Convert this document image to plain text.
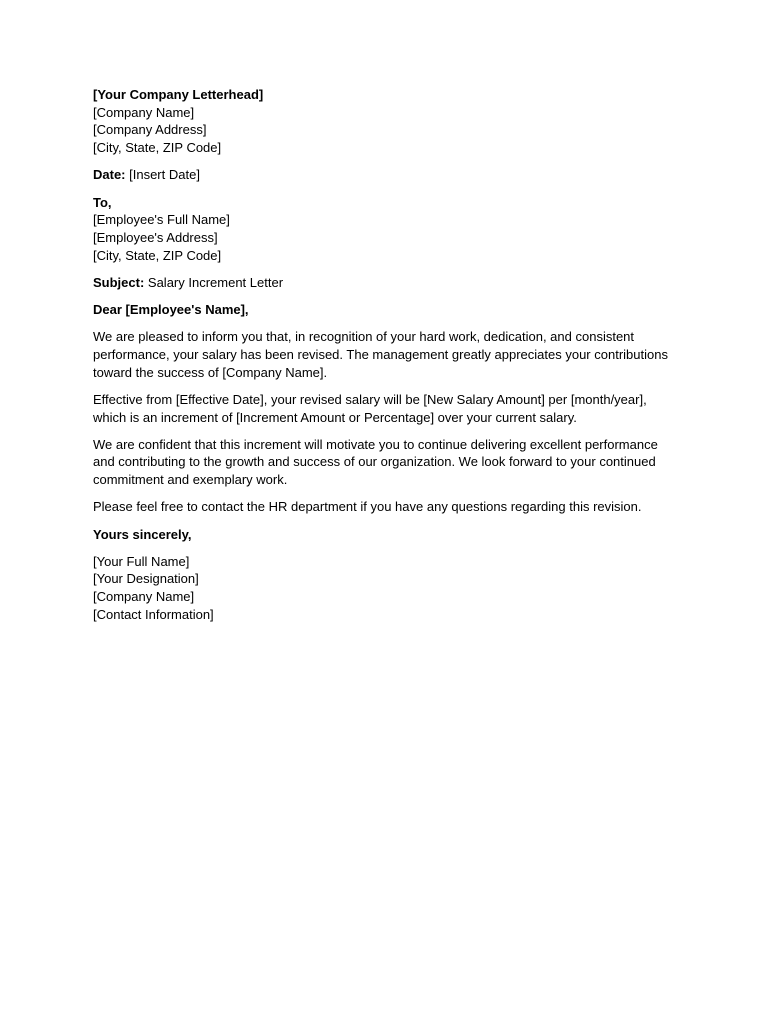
[Your Company Letterhead]
[Company Name]
[Company Address]
[City, State, ZIP Code]
Date: [Insert Date]
To,
[Employee's Full Name]
[Employee's Address]
[City, State, ZIP Code]
Subject: Salary Increment Letter
Dear [Employee's Name],

We are pleased to inform you that, in recognition of your hard work, dedication, and consistent performance, your salary has been revised. The management greatly appreciates your contributions toward the success of [Company Name].

Effective from [Effective Date], your revised salary will be [New Salary Amount] per [month/year], which is an increment of [Increment Amount or Percentage] over your current salary.

We are confident that this increment will motivate you to continue delivering excellent performance and contributing to the growth and success of our organization. We look forward to your continued commitment and exemplary work.

Please feel free to contact the HR department if you have any questions regarding this revision.

Yours sincerely,
[Your Full Name]
[Your Designation]
[Company Name]
[Contact Information]
